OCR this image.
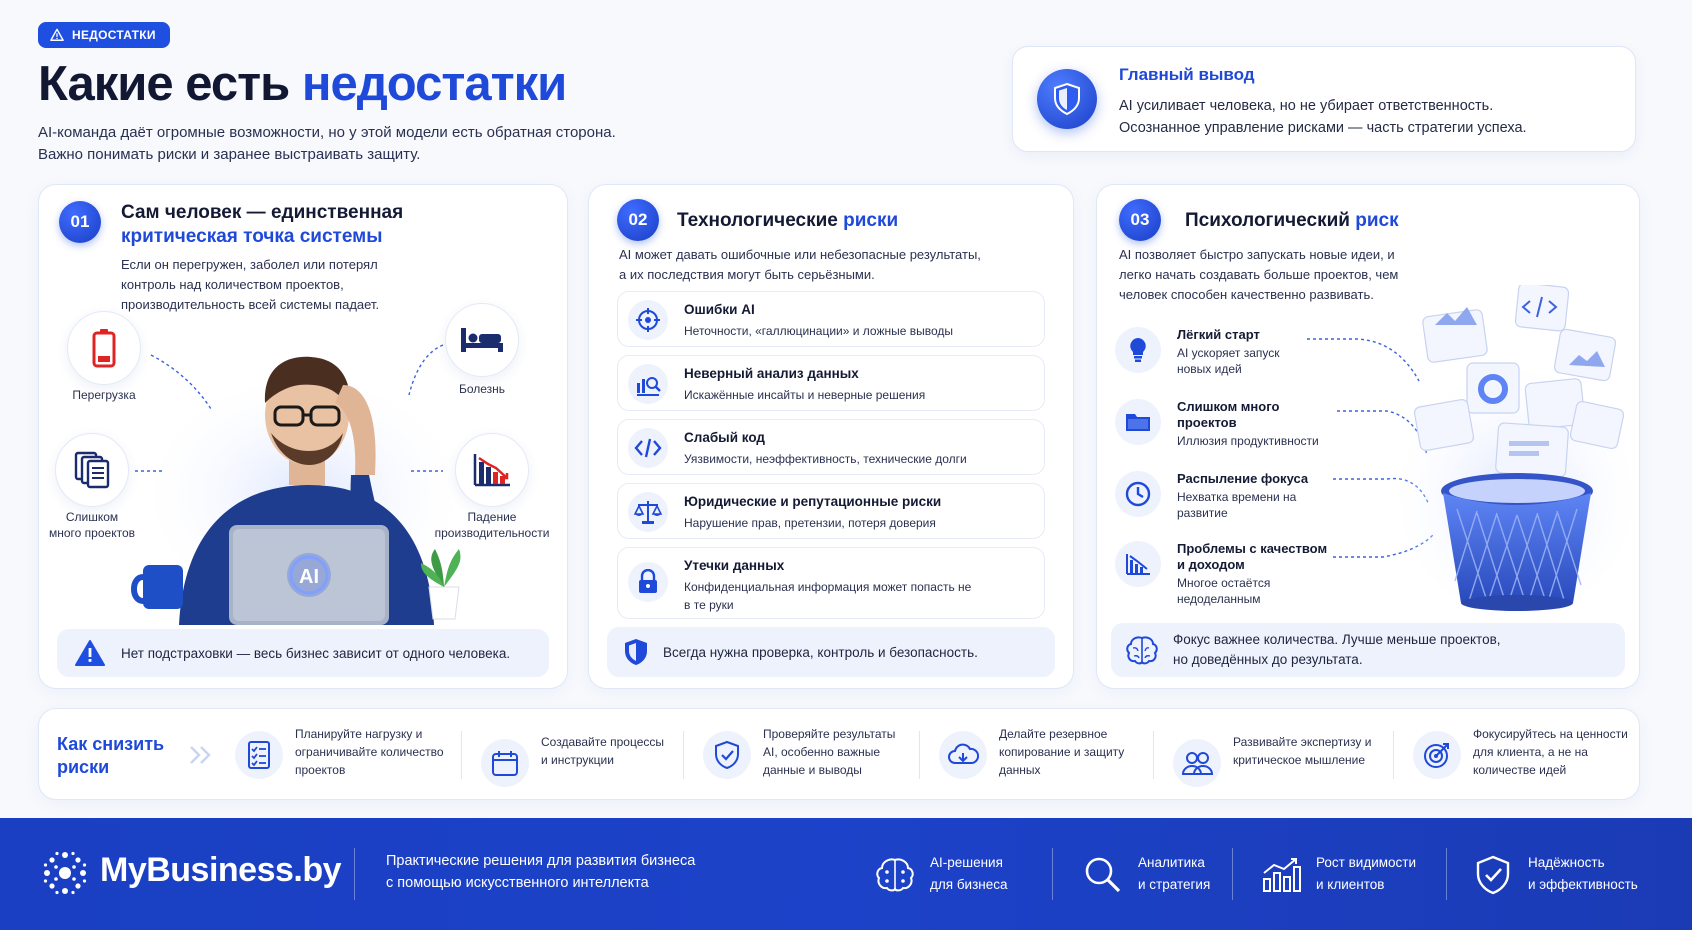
НЕДОСТАТКИ
Какие есть недостатки
AI-команда даёт огромные возможности, но у этой модели есть обратная сторона.
Важно понимать риски и заранее выстраивать защиту.
Главный вывод
AI усиливает человека, но не убирает ответственность.
Осознанное управление рисками — часть стратегии успеха.
01	Сам человек — единственная
критическая точка системы
Если он перегружен, заболел или потерял контроль над количеством проектов, производительность всей системы падает.
AI
Перегрузка	Болезнь
Слишком
много проектов
Падение
производительности
Нет подстраховки — весь бизнес зависит от одного человека.
02	Технологические риски
AI может давать ошибочные или небезопасные результаты,
а их последствия могут быть серьёзными.
Ошибки AI
Неточности, «галлюцинации» и ложные выводы
Неверный анализ данных
Искажённые инсайты и неверные решения
Слабый код
Уязвимости, неэффективность, технические долги
Юридические и репутационные риски
Нарушение прав, претензии, потеря доверия
Утечки данных
Конфиденциальная информация может попасть не в те руки
Всегда нужна проверка, контроль и безопасность.
03	Психологический риск
AI позволяет быстро запускать новые идеи, и легко начать создавать больше проектов, чем человек способен качественно развивать.
Лёгкий старт
AI ускоряет запуск новых идей
Слишком много проектов
Иллюзия продуктивности
Распыление фокуса
Нехватка времени на развитие
Проблемы с качеством и доходом
Многое остаётся недоделанным
Фокус важнее количества. Лучше меньше проектов, но доведённых до результата.
Как снизить
риски
Планируйте нагрузку и ограничивайте количество проектов
Создавайте процессы и инструкции
Проверяйте результаты AI, особенно важные данные и выводы
Делайте резервное копирование и защиту данных
Развивайте экспертизу и критическое мышление
Фокусируйтесь на ценности для клиента, а не на количестве идей
MyBusiness.by	Практические решения для развития бизнеса
с помощью искусственного интеллекта
AI-решения
для бизнеса
Аналитика
и стратегия
Рост видимости
и клиентов
Надёжность
и эффективность
